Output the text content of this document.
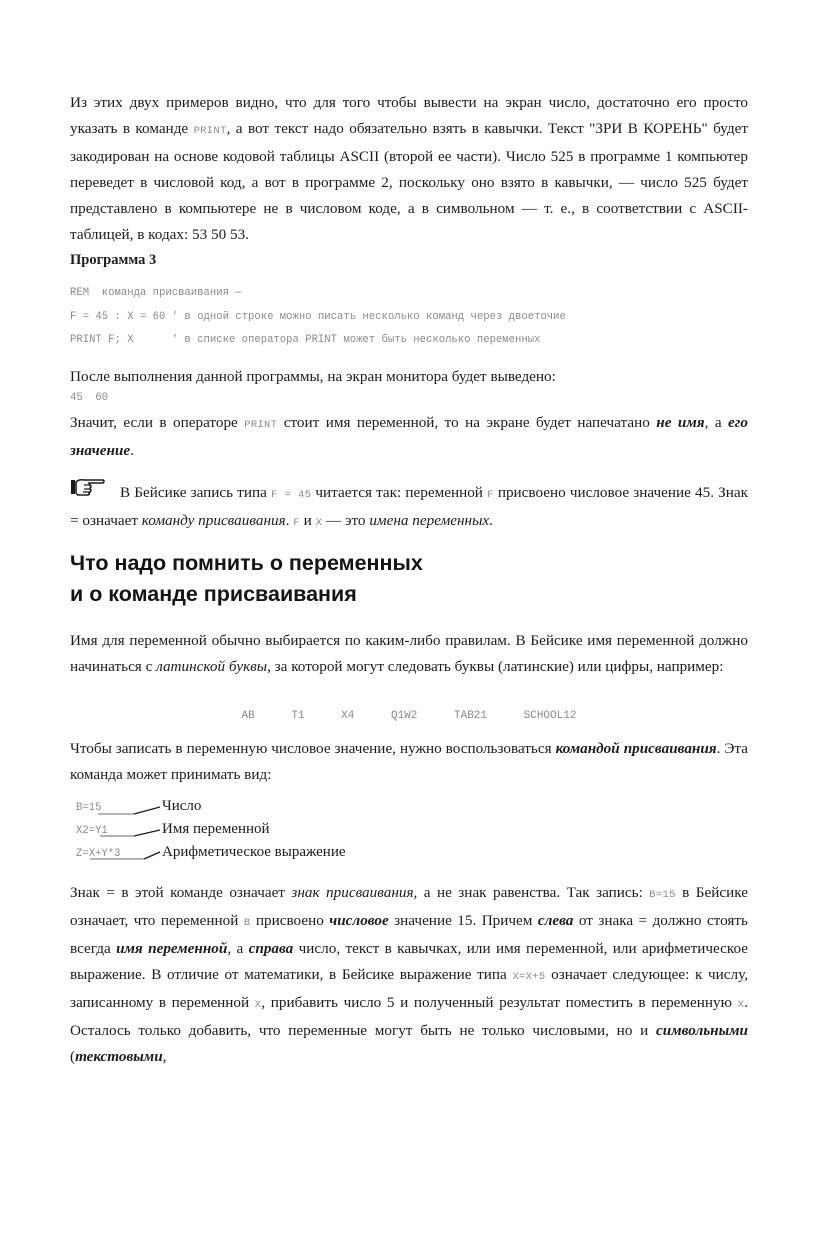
Из этих двух примеров видно, что для того чтобы вывести на экран число, достаточно его просто указать в команде PRINT, а вот текст надо обязательно взять в кавычки. Текст "ЗРИ В КОРЕНЬ" будет закодирован на основе кодовой таблицы ASCII (второй ее части). Число 525 в программе 1 компьютер переведет в числовой код, а вот в программе 2, поскольку оно взято в кавычки, — число 525 будет представлено в компьютере не в числовом коде, а в символьном — т. е., в соответствии с ASCII-таблицей, в кодах: 53 50 53.

Программа 3
REM  команда присваивания —
F = 45 : X = 60 ' в одной строке можно писать несколько команд через двоеточие
PRINT F; X      ' в списке оператора PRINT может быть несколько переменных

После выполнения данной программы, на экран монитора будет выведено:

45  60

Значит, если в операторе PRINT стоит имя переменной, то на экране будет напечатано не имя, а его значение.

В Бейсике запись типа F = 45 читается так: переменной F присвоено числовое значение 45. Знак = означает команду присваивания. F и X — это имена переменных.

Что надо помнить о переменных
и о команде присваивания

Имя для переменной обычно выбирается по каким-либо правилам. В Бейсике имя переменной должно начинаться с латинской буквы, за которой могут следовать буквы (латинские) или цифры, например:

AB	T1	X4	Q1W2	TAB21	SCHOOL12

Чтобы записать в переменную числовое значение, нужно воспользоваться командой присваивания. Эта команда может принимать вид:

B=15	Число
X2=Y1	Имя переменной
Z=X+Y*3	Арифметическое выражение

Знак = в этой команде означает знак присваивания, а не знак равенства. Так запись: B=15 в Бейсике означает, что переменной B присвоено числовое значение 15. Причем слева от знака = должно стоять всегда имя переменной, а справа число, текст в кавычках, или имя переменной, или арифметическое выражение. В отличие от математики, в Бейсике выражение типа X=X+5 означает следующее: к числу, записанному в переменной X, прибавить число 5 и полученный результат поместить в переменную X. Осталось только добавить, что переменные могут быть не только числовыми, но и символьными (текстовыми,
